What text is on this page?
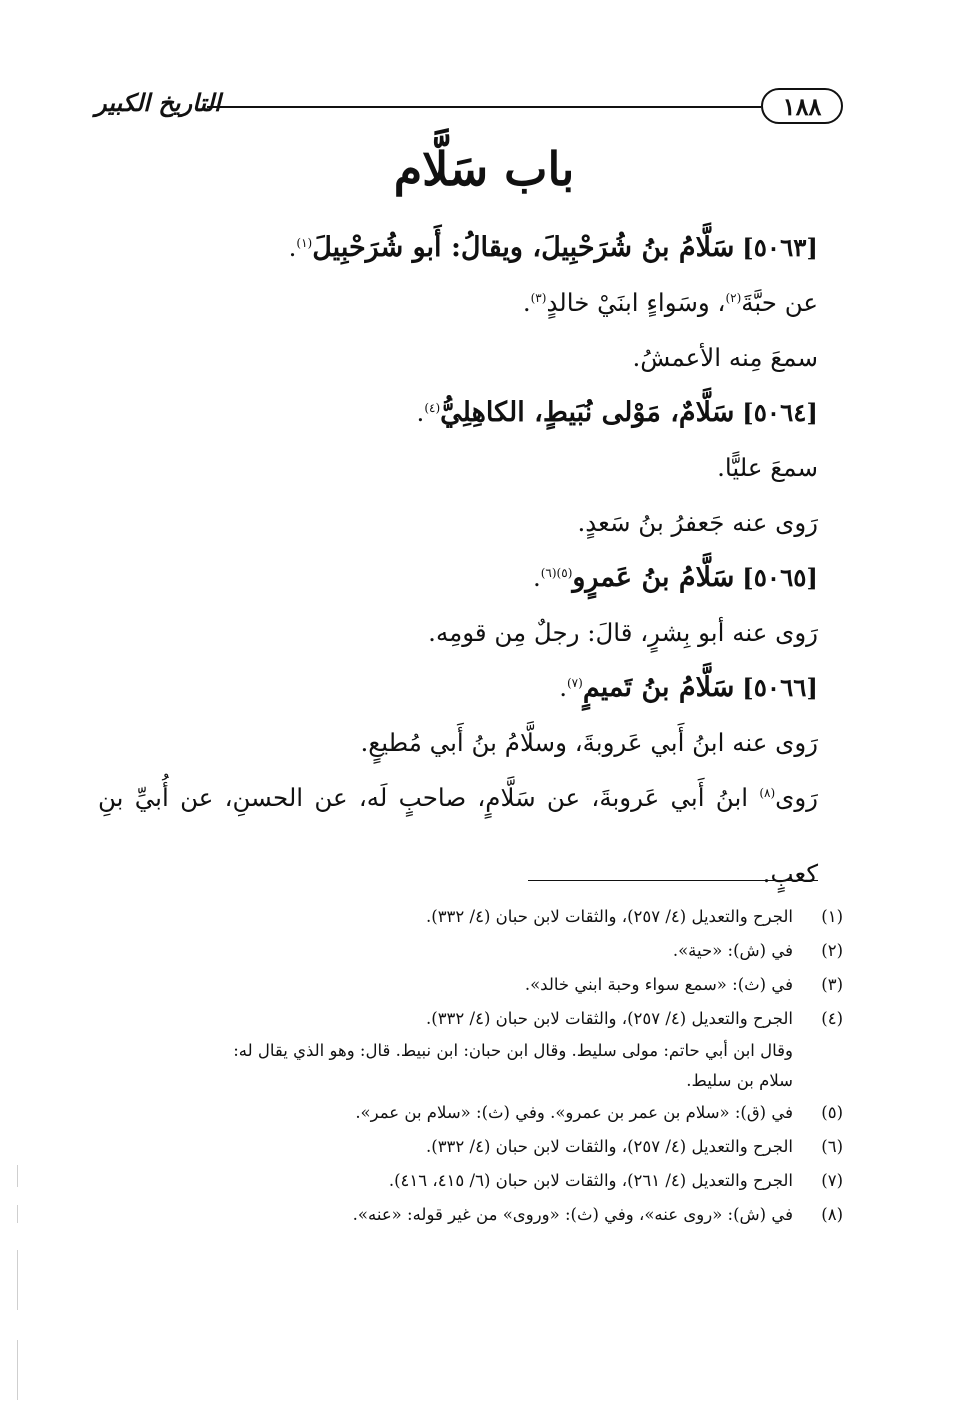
١٨٨
التاريخ الكبير
باب سَلَّام
[٥٠٦٣] سَلَّامُ بنُ شُرَحْبِيلَ، ويقالُ: أَبو شُرَحْبِيلَ$^{(١)}$.
عن حبَّةَ$^{(٢)}$، وسَواءٍ ابنَيْ خالدٍ$^{(٣)}$.
سمعَ مِنه الأعمشُ.
[٥٠٦٤] سَلَّامٌ، مَوْلى نُبَيطٍ، الكاهِلِيُّ$^{(٤)}$.
سمعَ عليًّا.
رَوى عنه جَعفرُ بنُ سَعدٍ.
[٥٠٦٥] سَلَّامُ بنُ عَمرٍو$^{(٥)(٦)}$.
رَوى عنه أبو بِشرٍ، قالَ: رجلٌ مِن قومِه.
[٥٠٦٦] سَلَّامُ بنُ تَميمٍ$^{(٧)}$.
رَوى عنه ابنُ أَبي عَروبةَ، وسلَّامُ بنُ أَبي مُطيعٍ.
رَوى$^{(٨)}$
ابنُ
أَبي
عَروبةَ،
عن
سَلَّامٍ،
صاحبٍ
لَه،
عن
الحسنِ،
عن
أُبيِّ
بنِ
كعبٍ.
(١)
الجرح والتعديل (٤/ ٢٥٧)، والثقات لابن حبان (٤/ ٣٣٢).
(٢)
في (ش): «حية».
(٣)
في (ث): «سمع سواء وحبة ابني خالد».
(٤)
الجرح والتعديل (٤/ ٢٥٧)، والثقات لابن حبان (٤/ ٣٣٢).
وقال ابن أبي حاتم: مولى سليط. وقال ابن حبان: ابن نبيط. قال: وهو الذي يقال له:
سلام بن سليط.
(٥)
في (ق): «سلام بن عمر بن عمرو». وفي (ث): «سلام بن عمر».
(٦)
الجرح والتعديل (٤/ ٢٥٧)، والثقات لابن حبان (٤/ ٣٣٢).
(٧)
الجرح والتعديل (٤/ ٢٦١)، والثقات لابن حبان (٦/ ٤١٥، ٤١٦).
(٨)
في (ش): «روى عنه»، وفي (ث): «وروى» من غير قوله: «عنه».
